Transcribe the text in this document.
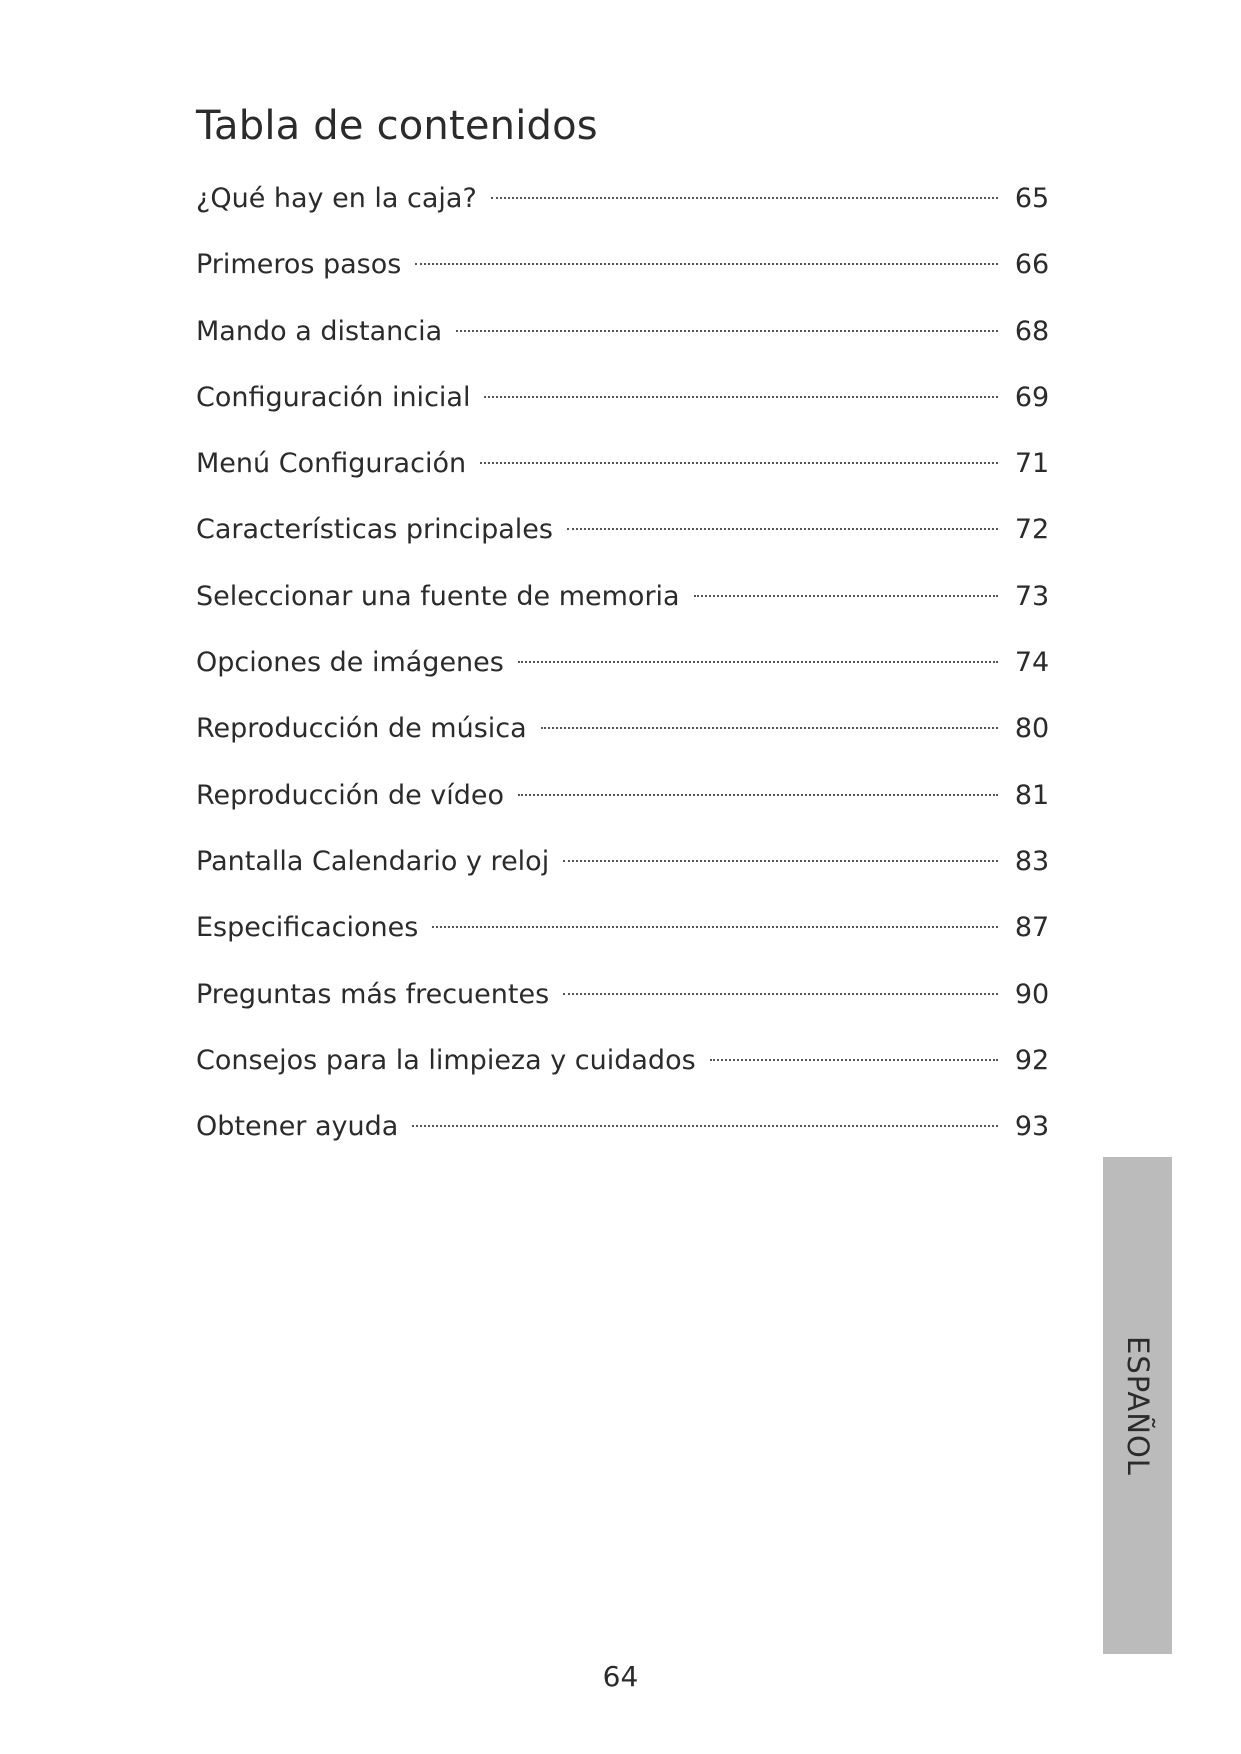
Tabla de contenidos
¿Qué hay en la caja?	65
Primeros pasos	66
Mando a distancia	68
Configuración inicial	69
Menú Configuración	71
Características principales	72
Seleccionar una fuente de memoria	73
Opciones de imágenes	74
Reproducción de música	80
Reproducción de vídeo	81
Pantalla Calendario y reloj	83
Especificaciones	87
Preguntas más frecuentes	90
Consejos para la limpieza y cuidados	92
Obtener ayuda	93
ESPAÑOL
64
